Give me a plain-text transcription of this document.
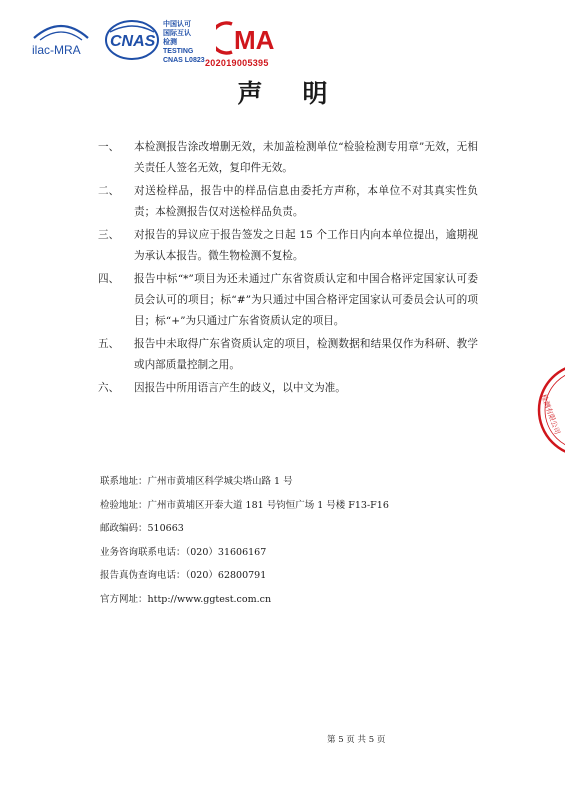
ilac-MRA CNAS
中国认可
国际互认
检测
TESTING
CNAS L0823
MA
202019005395
声明
一、 本检测报告涂改增删无效，未加盖检测单位“检验检测专用章”无效，无相关责任人签名无效，复印件无效。
二、 对送检样品，报告中的样品信息由委托方声称，本单位不对其真实性负责；本检测报告仅对送检样品负责。
三、 对报告的异议应于报告签发之日起 15 个工作日内向本单位提出，逾期视为承认本报告。微生物检测不复检。
四、 报告中标“*”项目为还未通过广东省资质认定和中国合格评定国家认可委员会认可的项目；标“#”为只通过中国合格评定国家认可委员会认可的项目；标“+”为只通过广东省资质认定的项目。
五、 报告中未取得广东省资质认定的项目，检测数据和结果仅作为科研、教学或内部质量控制之用。
六、 因报告中所用语言产生的歧义，以中文为准。
联系地址：广州市黄埔区科学城尖塔山路 1 号
检验地址：广州市黄埔区开泰大道 181 号钧恒广场 1 号楼 F13-F16
邮政编码：510663
业务咨询联系电话：（020）31606167
报告真伪查询电话：（020）62800791
官方网址：http://www.ggtest.com.cn
第 5 页 共 5 页
检测有限公司
